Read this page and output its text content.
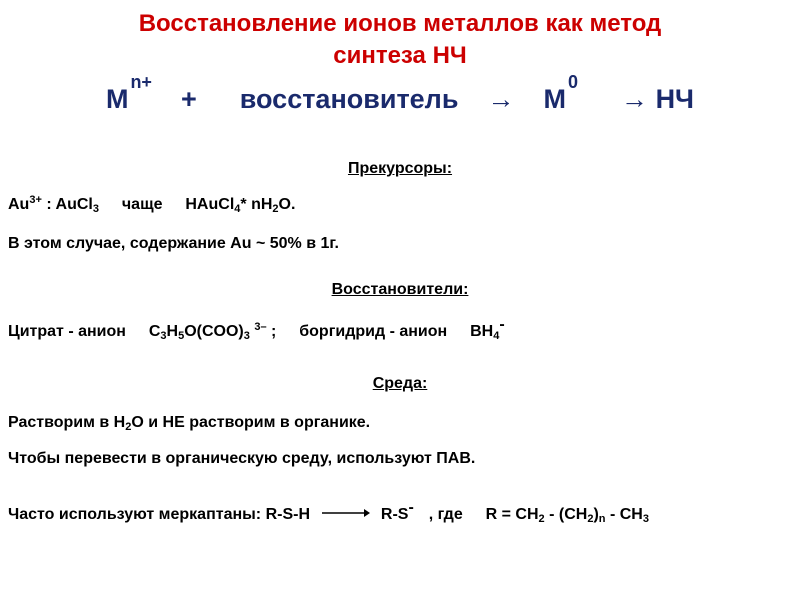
Восстановление ионов металлов как метод
синтеза НЧ
$M^{n+}$  + восстановитель → $M^0$  → НЧ
Прекурсоры:
$Au^{3+}$ : AuCl$_3$ чаще HAuCl$_4$* $nH_2O$.
В этом случае, содержание Au ~ 50% в 1г.
Восстановители:
Цитрат - анион $C_3H_5O(COO)_3$ $^{3-}$ ; боргидрид - анион $BH_4^-$
Среда:
Растворим в $H_2O$ и НЕ растворим в органике.
Чтобы перевести в органическую среду, используют ПАВ.
Часто используют меркаптаны: R-S-H → R-S- , где $R = CH_2 - (CH_2)_n - CH_3$
